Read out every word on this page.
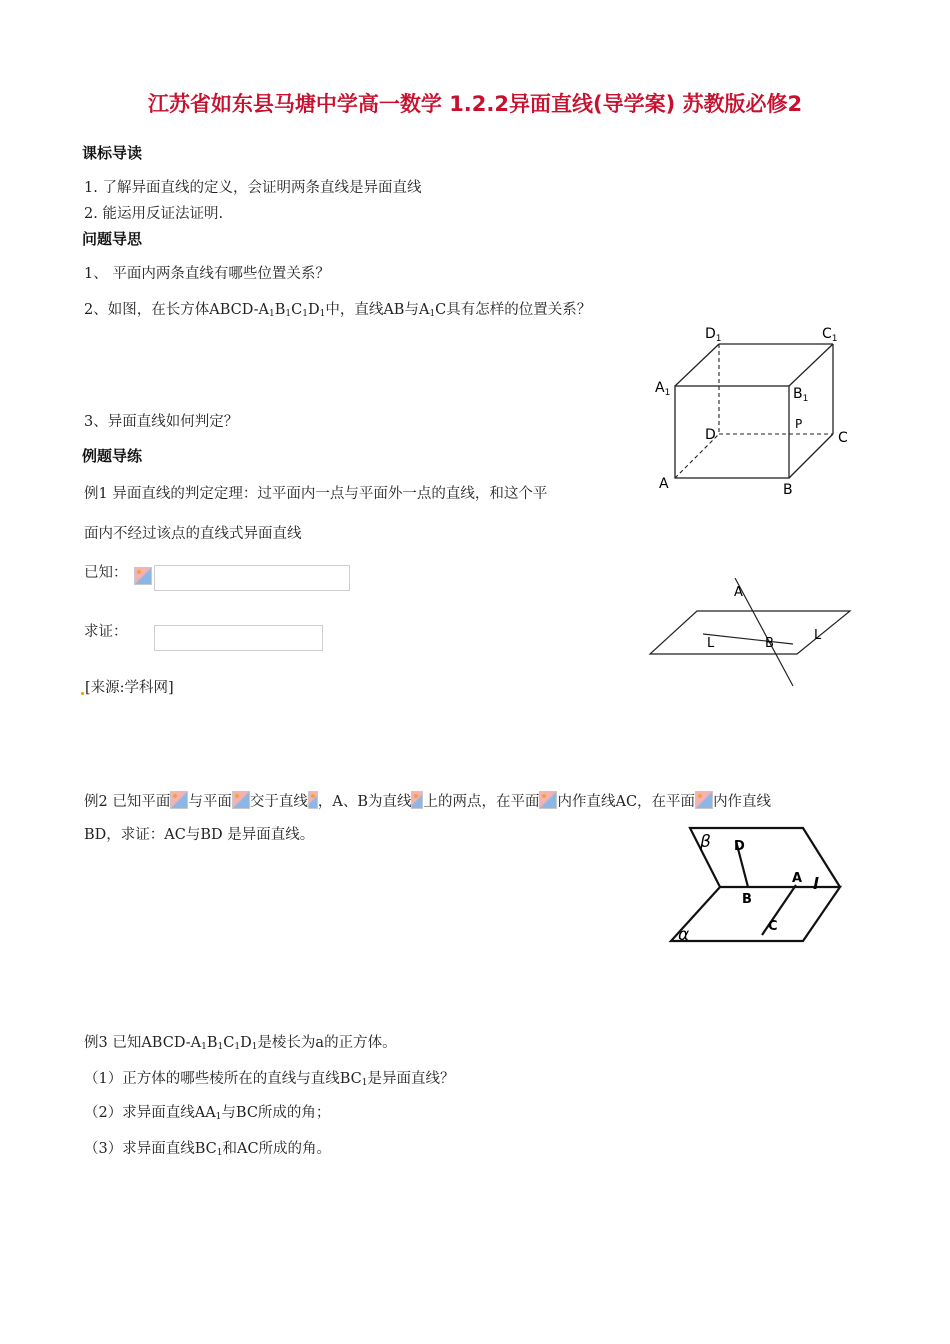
江苏省如东县马塘中学高一数学 1.2.2异面直线(导学案) 苏教版必修2
课标导读
1. 了解异面直线的定义，会证明两条直线是异面直线
2. 能运用反证法证明.
问题导思
1、 平面内两条直线有哪些位置关系？
2、如图，在长方体ABCD-$A_1B_1C_1D_1$中，直线AB与$A_1C$具有怎样的位置关系？
3、异面直线如何判定？
$D_1$	$C_1$
$A_1$	$B_1$
D
P
C
A	B
例题导练
例1 异面直线的判定定理：过平面内一点与平面外一点的直线，和这个平
面内不经过该点的直线式异面直线
已知：

求证：
[来源:学科网]
A
L	B
L
例2 已知平面 与平面 交于直线 ，A、B为直线 上的两点，在平面 内作直线AC，在平面 内作直线
BD，求证：AC与BD 是异面直线。	β
α
D
A
B
C
l
例3 已知ABCD-$A_1B_1C_1D_1$是棱长为a的正方体。
（1）正方体的哪些棱所在的直线与直线$BC_1$是异面直线？
（2）求异面直线$AA_1$与BC所成的角；
（3）求异面直线$BC_1$和AC所成的角。
